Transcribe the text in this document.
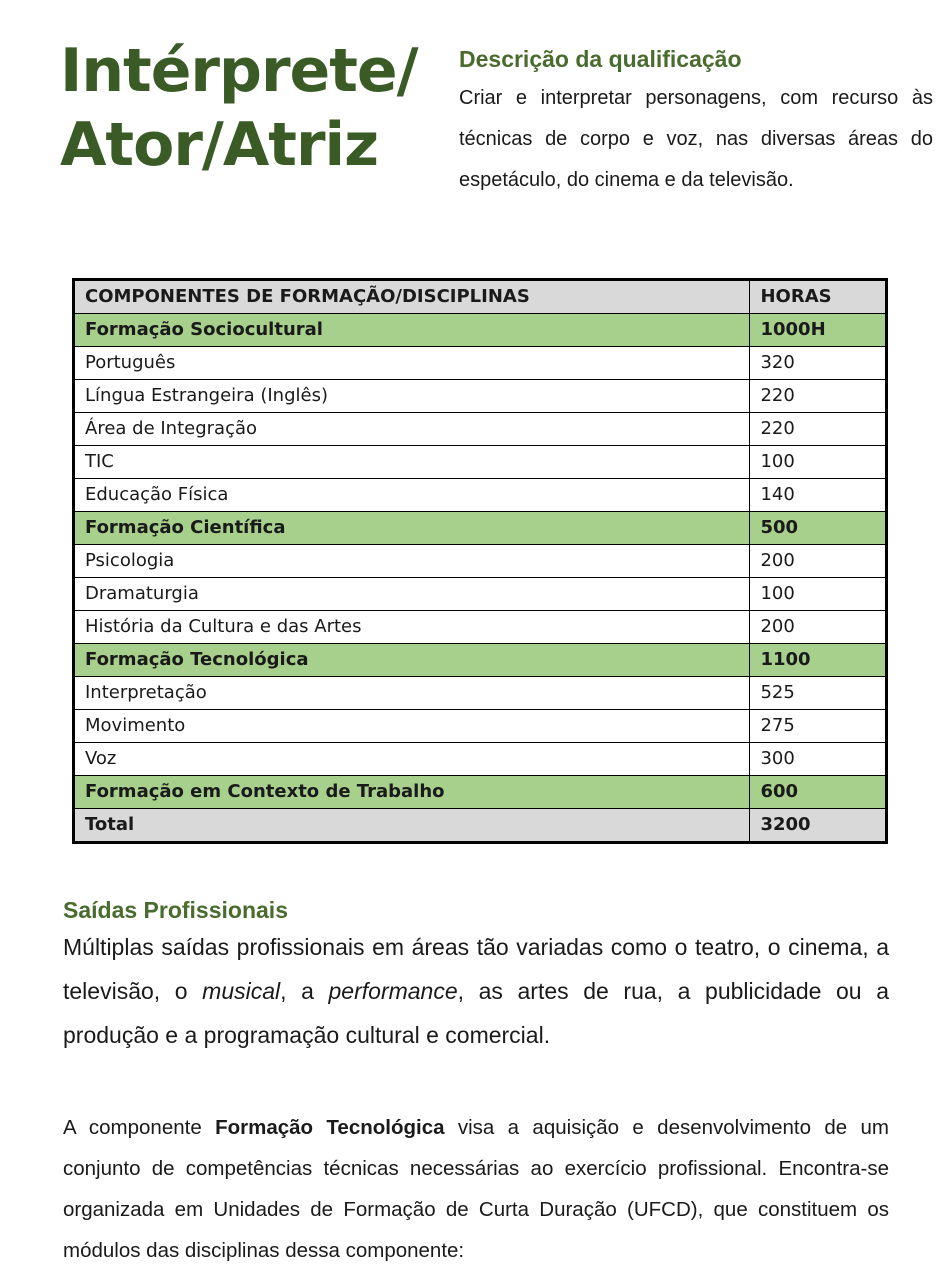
Intérprete/
Ator/Atriz
Descrição da qualificação

Criar e interpretar personagens, com recurso às técnicas de corpo e voz, nas diversas áreas do espetáculo, do cinema e da televisão.

COMPONENTES DE FORMAÇÃO/DISCIPLINAS	HORAS
Formação Sociocultural	1000H
Português	320
Língua Estrangeira (Inglês)	220
Área de Integração	220
TIC	100
Educação Física	140
Formação Científica	500
Psicologia	200
Dramaturgia	100
História da Cultura e das Artes	200
Formação Tecnológica	1100
Interpretação	525
Movimento	275
Voz	300
Formação em Contexto de Trabalho	600
Total	3200
Saídas Profissionais

Múltiplas saídas profissionais em áreas tão variadas como o teatro, o cinema, a televisão, o musical, a performance, as artes de rua, a publicidade ou a produção e a programação cultural e comercial.

A componente Formação Tecnológica visa a aquisição e desenvolvimento de um conjunto de competências técnicas necessárias ao exercício profissional. Encontra-se organizada em Unidades de Formação de Curta Duração (UFCD), que constituem os módulos das disciplinas dessa componente:
